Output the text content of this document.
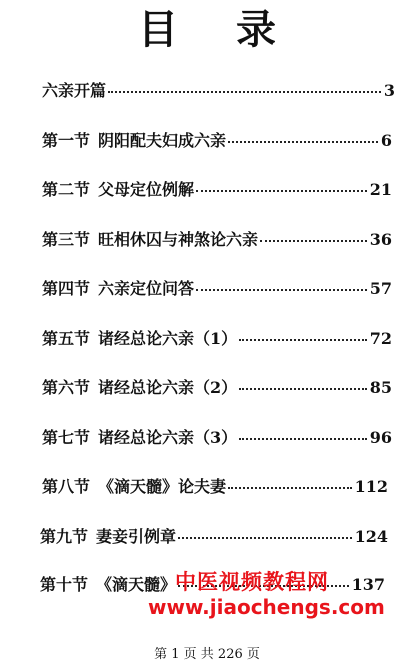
目 录
六亲开篇	3
第一节 阴阳配夫妇成六亲	6
第二节 父母定位例解	21
第三节 旺相休囚与神煞论六亲	36
第四节 六亲定位问答	57
第五节 诸经总论六亲（1）	72
第六节 诸经总论六亲（2）	85
第七节 诸经总论六亲（3）	96
第八节 《滴天髓》论夫妻	112
第九节 妻妾引例章	124
第十节 《滴天髓》	137
中医视频教程网
www.jiaochengs.com
第 1 页 共 226 页
